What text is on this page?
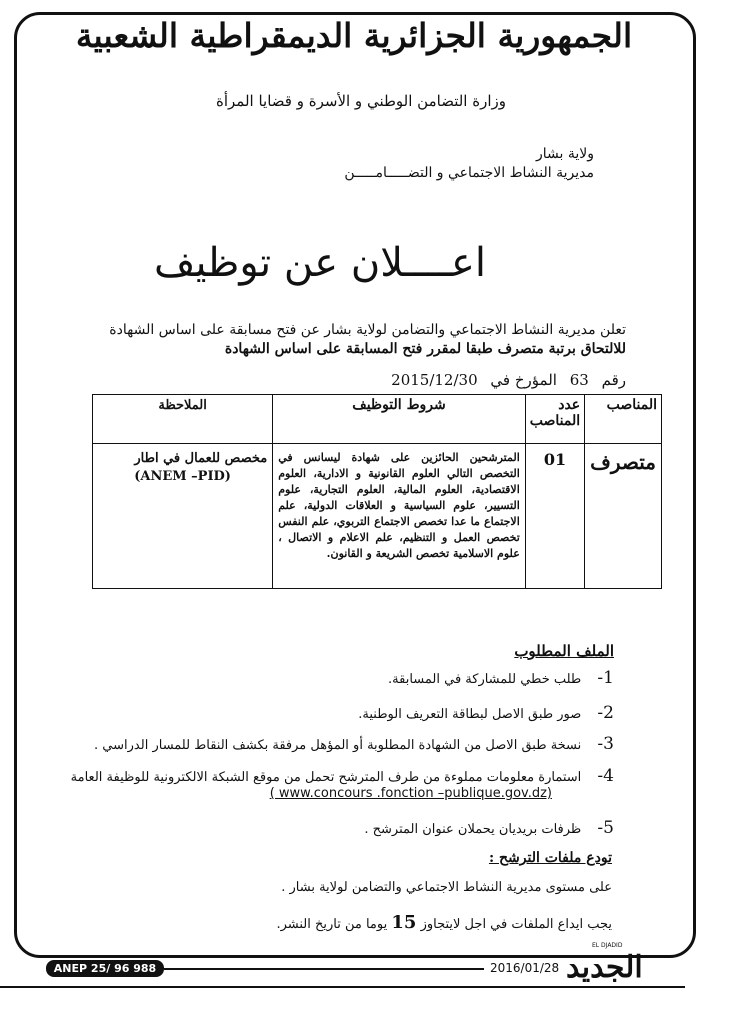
الجمهورية الجزائرية الديمقراطية الشعبية
وزارة التضامن الوطني و الأسرة و قضايا المرأة
ولاية بشار
مديرية النشاط الاجتماعي و التضـــــامـــــن
اعــــلان عن توظيف
تعلن مديرية النشاط الاجتماعي والتضامن لولاية بشار عن فتح مسابقة على اساس الشهادة
للالتحاق برتبة متصرف طبقا لمقرر فتح المسابقة على اساس الشهادة
رقم 63 المؤرخ في 2015/12/30
المناصب	عدد المناصب	شروط التوظيف	الملاحظة
متصرف	01	المترشحين الحائزين على شهادة ليسانس في التخصص التالي العلوم القانونية و الادارية، العلوم الاقتصادية، العلوم المالية، العلوم التجارية، علوم التسيير، علوم السياسية و العلاقات الدولية، علم الاجتماع ما عدا تخصص الاجتماع التربوي، علم النفس تخصص العمل و التنظيم، علم الاعلام و الاتصال ، علوم الاسلامية تخصص الشريعة و القانون.	مخصص للعمال في اطار
(ANEM –PID)
الملف المطلوب
1- طلب خطي للمشاركة في المسابقة.
2- صور طبق الاصل لبطاقة التعريف الوطنية.
3- نسخة طبق الاصل من الشهادة المطلوبة أو المؤهل مرفقة بكشف النقاط للمسار الدراسي .
4- استمارة معلومات مملوءة من طرف المترشح تحمل من موقع الشبكة الالكترونية للوظيفة العامة
( www.concours .fonction –publique.gov.dz)
5- ظرفات بريديان يحملان عنوان المترشح .
تودع ملفات الترشح :
على مستوى مديرية النشاط الاجتماعي والتضامن لولاية بشار .
يجب ايداع الملفات في اجل لايتجاوز 15 يوما من تاريخ النشر.
ANEP 25/ 96 988	2016/01/28
EL DJADID
الجديد
